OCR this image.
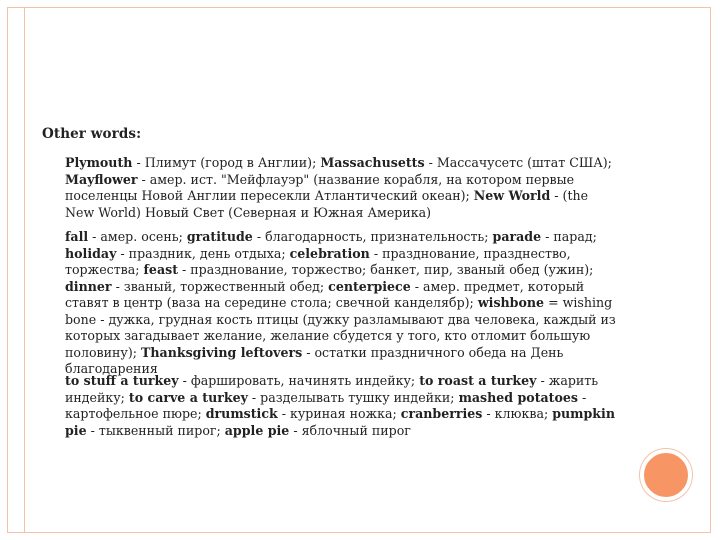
Other words:

Plymouth - Плимут (город в Англии); Massachusetts - Массачусетс (штат США); Mayflower - амер. ист. "Мейфлауэр" (название корабля, на котором первые поселенцы Новой Англии пересекли Атлантический океан); New World - (the New World) Новый Свет (Северная и Южная Америка)

fall - амер. осень; gratitude - благодарность, признательность; parade - парад; holiday - праздник, день отдыха; celebration - празднование, празднество, торжества; feast - празднование, торжество; банкет, пир, званый обед (ужин); dinner - званый, торжественный обед; centerpiece - амер. предмет, который ставят в центр (ваза на середине стола; свечной канделябр); wishbone = wishing bone - дужка, грудная кость птицы (дужку разламывают два человека, каждый из которых загадывает желание, желание сбудется у того, кто отломит большую половину); Thanksgiving leftovers - остатки праздничного обеда на День благодарения

to stuff a turkey - фаршировать, начинять индейку; to roast a turkey - жарить индейку; to carve a turkey - разделывать тушку индейки; mashed potatoes - картофельное пюре; drumstick - куриная ножка; cranberries - клюква; pumpkin pie - тыквенный пирог; apple pie - яблочный пирог
